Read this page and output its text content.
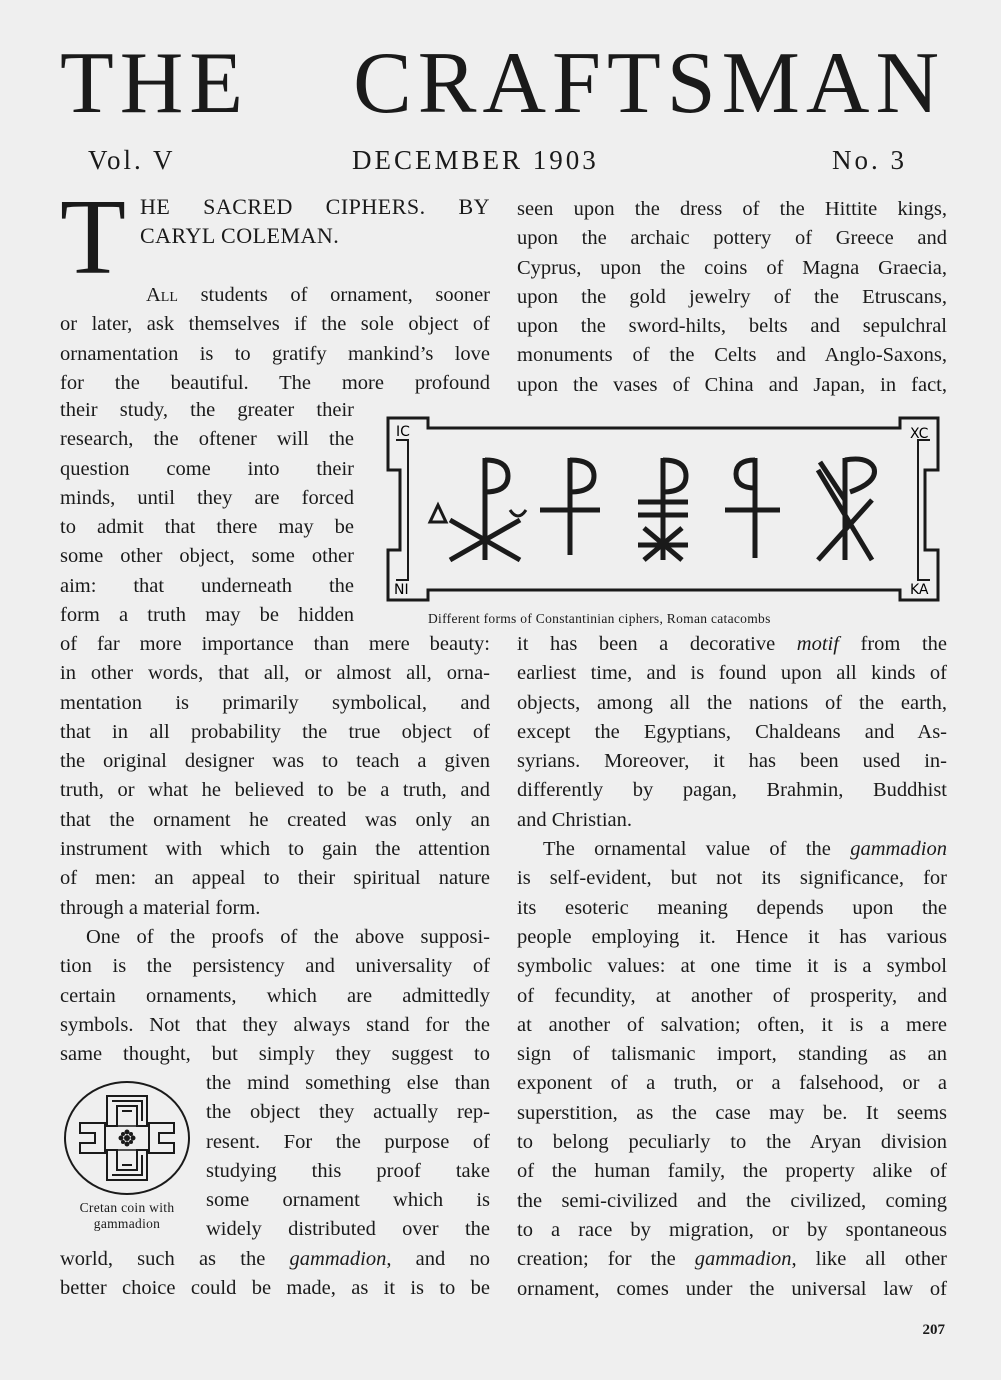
THE CRAFTSMAN
Vol. V	DECEMBER 1903	No. 3
T HE SACRED CIPHERS. BY
CARYL COLEMAN.
All students of ornament, sooner
or later, ask themselves if the sole object of
ornamentation is to gratify mankind’s love
for the beautiful. The more profound
their study, the greater their
research, the oftener will the
question come into their
minds, until they are forced
to admit that there may be
some other object, some other
aim: that underneath the
form a truth may be hidden
of far more importance than mere beauty:
in other words, that all, or almost all, orna-
mentation is primarily symbolical, and
that in all probability the true object of
the original designer was to teach a given
truth, or what he believed to be a truth, and
that the ornament he created was only an
instrument with which to gain the attention
of men: an appeal to their spiritual nature
through a material form.
One of the proofs of the above supposi-
tion is the persistency and universality of
certain ornaments, which are admittedly
symbols. Not that they always stand for the
same thought, but simply they suggest to
the mind something else than
the object they actually rep-
resent. For the purpose of
studying this proof take
some ornament which is
widely distributed over the
world, such as the gammadion, and no
better choice could be made, as it is to be
seen upon the dress of the Hittite kings,
upon the archaic pottery of Greece and
Cyprus, upon the coins of Magna Graecia,
upon the gold jewelry of the Etruscans,
upon the sword-hilts, belts and sepulchral
monuments of the Celts and Anglo-Saxons,
upon the vases of China and Japan, in fact,
it has been a decorative motif from the
earliest time, and is found upon all kinds of
objects, among all the nations of the earth,
except the Egyptians, Chaldeans and As-
syrians. Moreover, it has been used in-
differently by pagan, Brahmin, Buddhist
and Christian.
The ornamental value of the gammadion
is self-evident, but not its significance, for
its esoteric meaning depends upon the
people employing it. Hence it has various
symbolic values: at one time it is a symbol
of fecundity, at another of prosperity, and
at another of salvation; often, it is a mere
sign of talismanic import, standing as an
exponent of a truth, or a falsehood, or a
superstition, as the case may be. It seems
to belong peculiarly to the Aryan division
of the human family, the property alike of
the semi-civilized and the civilized, coming
to a race by migration, or by spontaneous
creation; for the gammadion, like all other
ornament, comes under the universal law of
IC	XC
NI	KA
Different forms of Constantinian ciphers, Roman catacombs
Cretan coin with
gammadion
207
